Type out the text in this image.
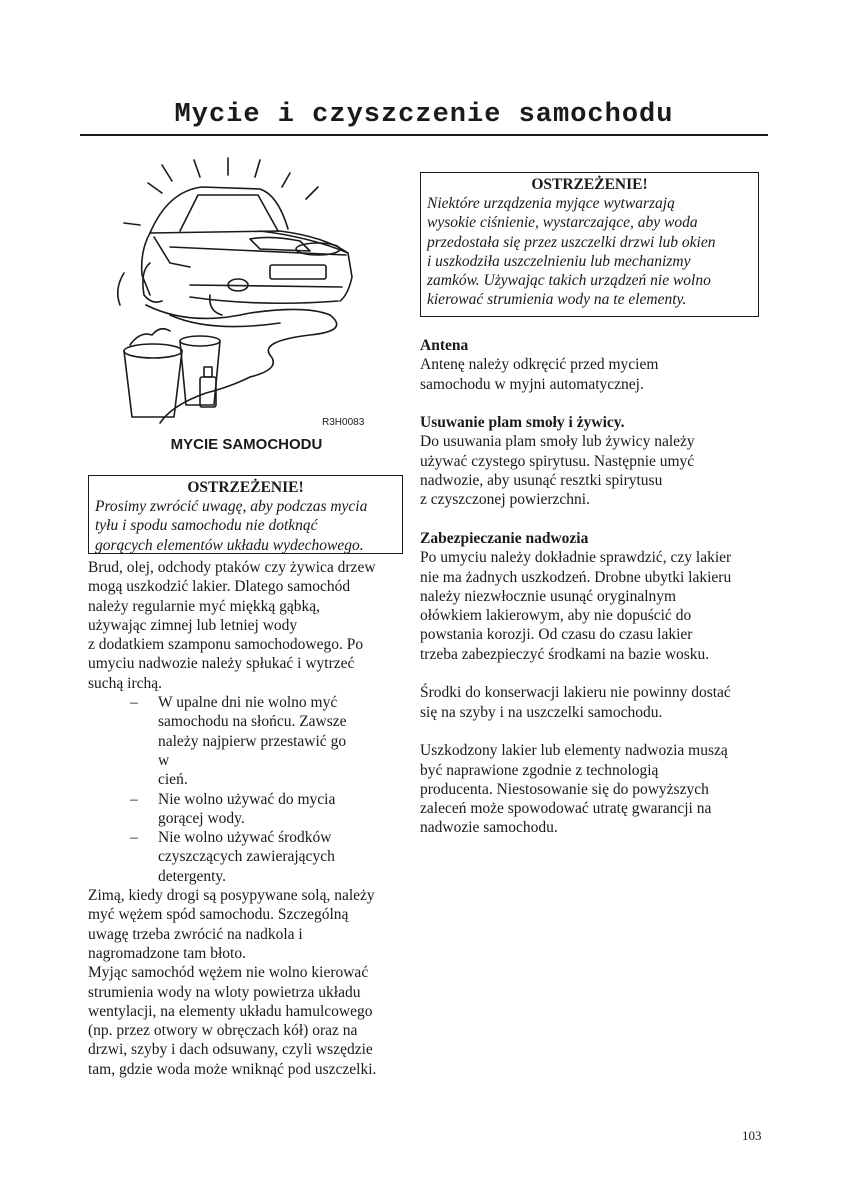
Mycie i czyszczenie samochodu
R3H0083
MYCIE SAMOCHODU
OSTRZEŻENIE!
Prosimy zwrócić uwagę, aby podczas mycia
tyłu i spodu samochodu nie dotknąć
gorących elementów układu wydechowego.

Brud, olej, odchody ptaków czy żywica drzew
mogą uszkodzić lakier. Dlatego samochód
należy regularnie myć miękką gąbką,
używając zimnej lub letniej wody
z dodatkiem szamponu samochodowego. Po
umyciu nadwozie należy spłukać i wytrzeć
suchą irchą.

– W upalne dni nie wolno myć
samochodu na słońcu. Zawsze
należy najpierw przestawić go w
cień.
– Nie wolno używać do mycia
gorącej wody.
– Nie wolno używać środków
czyszczących zawierających
detergenty.

Zimą, kiedy drogi są posypywane solą, należy
myć wężem spód samochodu. Szczególną
uwagę trzeba zwrócić na nadkola i
nagromadzone tam błoto.

Myjąc samochód wężem nie wolno kierować
strumienia wody na wloty powietrza układu
wentylacji, na elementy układu hamulcowego
(np. przez otwory w obręczach kół) oraz na
drzwi, szyby i dach odsuwany, czyli wszędzie
tam, gdzie woda może wniknąć pod uszczelki.

OSTRZEŻENIE!
Niektóre urządzenia myjące wytwarzają
wysokie ciśnienie, wystarczające, aby woda
przedostała się przez uszczelki drzwi lub okien
i uszkodziła uszczelnieniu lub mechanizmy
zamków. Używając takich urządzeń nie wolno
kierować strumienia wody na te elementy.
Antena

Antenę należy odkręcić przed myciem
samochodu w myjni automatycznej.

Usuwanie plam smoły i żywicy.

Do usuwania plam smoły lub żywicy należy
używać czystego spirytusu. Następnie umyć
nadwozie, aby usunąć resztki spirytusu
z czyszczonej powierzchni.

Zabezpieczanie nadwozia

Po umyciu należy dokładnie sprawdzić, czy lakier
nie ma żadnych uszkodzeń. Drobne ubytki lakieru
należy niezwłocznie usunąć oryginalnym
ołówkiem lakierowym, aby nie dopuścić do
powstania korozji. Od czasu do czasu lakier
trzeba zabezpieczyć środkami na bazie wosku.

Środki do konserwacji lakieru nie powinny dostać
się na szyby i na uszczelki samochodu.

Uszkodzony lakier lub elementy nadwozia muszą
być naprawione zgodnie z technologią
producenta. Niestosowanie się do powyższych
zaleceń może spowodować utratę gwarancji na
nadwozie samochodu.

103
